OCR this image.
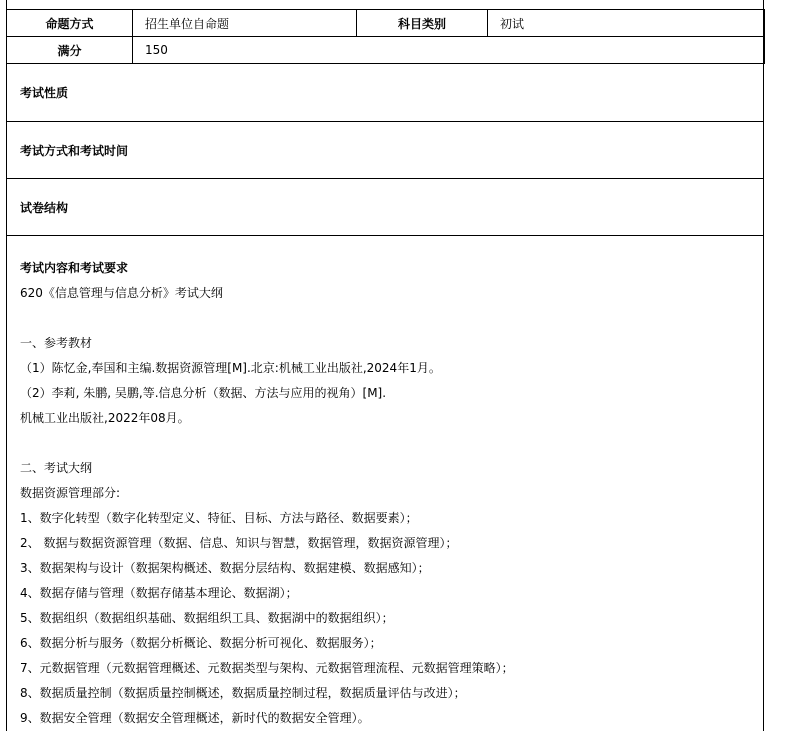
命题方式	招生单位自命题	科目类别	初试
满分	150		
考试性质
考试方式和考试时间
试卷结构
考试内容和考试要求
620《信息管理与信息分析》考试大纲
一、参考教材
（1）陈忆金,奉国和主编.数据资源管理[M].北京:机械工业出版社,2024年1月。
（2）李莉, 朱鹏, 吴鹏,等.信息分析（数据、方法与应用的视角）[M].
机械工业出版社,2022年08月。
二、考试大纲
数据资源管理部分:
1、数字化转型（数字化转型定义、特征、目标、方法与路径、数据要素）；
2、 数据与数据资源管理（数据、信息、知识与智慧，数据管理，数据资源管理）；
3、数据架构与设计（数据架构概述、数据分层结构、数据建模、数据感知）；
4、数据存储与管理（数据存储基本理论、数据湖）；
5、数据组织（数据组织基础、数据组织工具、数据湖中的数据组织）；
6、数据分析与服务（数据分析概论、数据分析可视化、数据服务）；
7、元数据管理（元数据管理概述、元数据类型与架构、元数据管理流程、元数据管理策略）；
8、数据质量控制（数据质量控制概述，数据质量控制过程，数据质量评估与改进）；
9、数据安全管理（数据安全管理概述，新时代的数据安全管理）。
